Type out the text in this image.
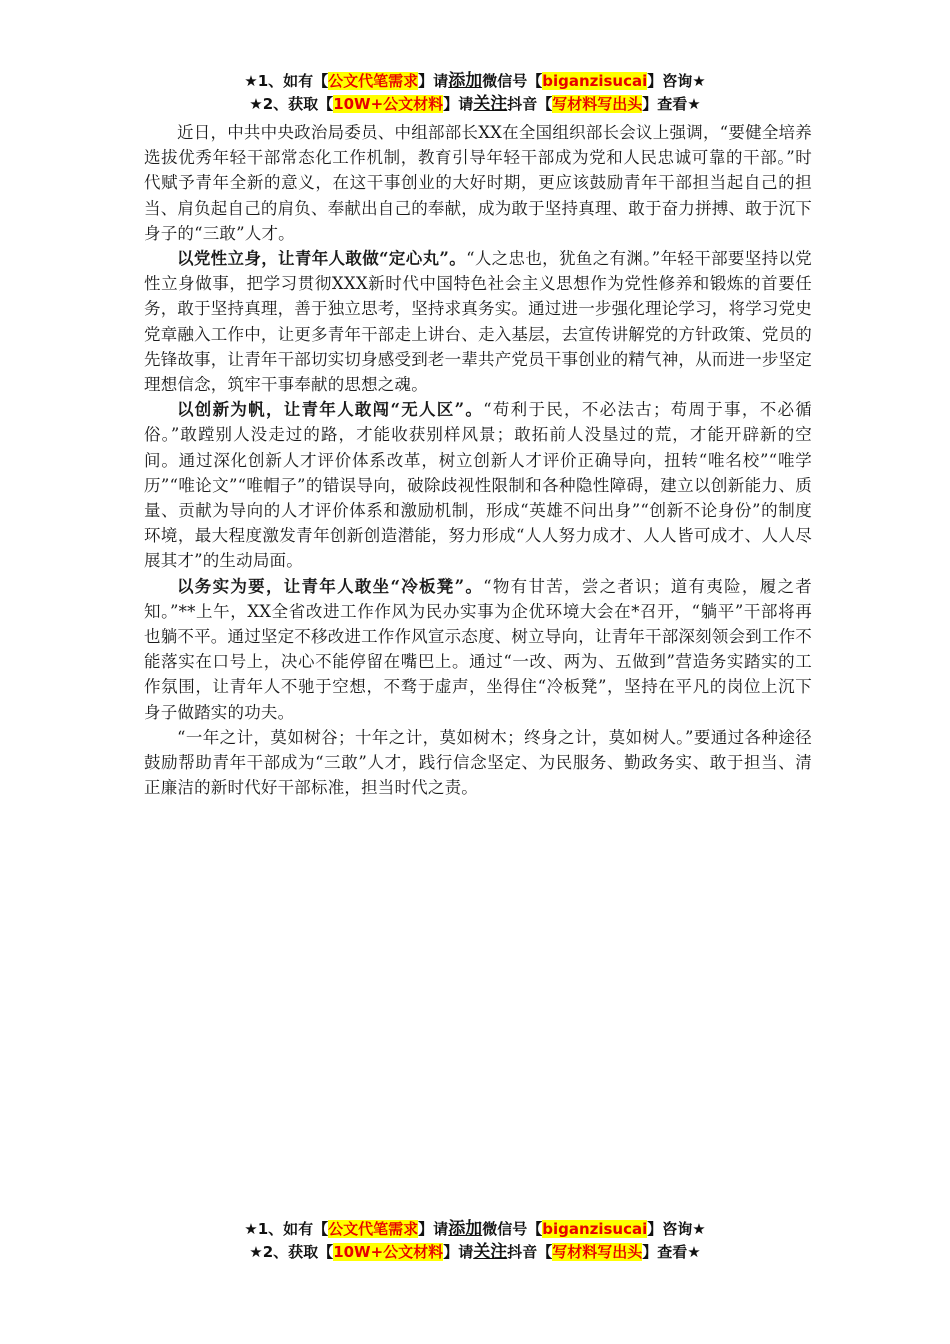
★1、如有【公文代笔需求】请添加微信号【biganzisucai】咨询★
★2、获取【10W+公文材料】请关注抖音【写材料写出头】查看★

近日，中共中央政治局委员、中组部部长XX在全国组织部长会议上强调，“要健全培养选拔优秀年轻干部常态化工作机制，教育引导年轻干部成为党和人民忠诚可靠的干部。”时代赋予青年全新的意义，在这干事创业的大好时期，更应该鼓励青年干部担当起自己的担当、肩负起自己的肩负、奉献出自己的奉献，成为敢于坚持真理、敢于奋力拼搏、敢于沉下身子的“三敢”人才。

以党性立身，让青年人敢做“定心丸”。“人之忠也，犹鱼之有渊。”年轻干部要坚持以党性立身做事，把学习贯彻XXX新时代中国特色社会主义思想作为党性修养和锻炼的首要任务，敢于坚持真理，善于独立思考，坚持求真务实。通过进一步强化理论学习，将学习党史党章融入工作中，让更多青年干部走上讲台、走入基层，去宣传讲解党的方针政策、党员的先锋故事，让青年干部切实切身感受到老一辈共产党员干事创业的精气神，从而进一步坚定理想信念，筑牢干事奉献的思想之魂。

以创新为帆，让青年人敢闯“无人区”。“苟利于民，不必法古；苟周于事，不必循俗。”敢蹚别人没走过的路，才能收获别样风景；敢拓前人没垦过的荒，才能开辟新的空间。通过深化创新人才评价体系改革，树立创新人才评价正确导向，扭转“唯名校”“唯学历”“唯论文”“唯帽子”的错误导向，破除歧视性限制和各种隐性障碍，建立以创新能力、质量、贡献为导向的人才评价体系和激励机制，形成“英雄不问出身”“创新不论身份”的制度环境，最大程度激发青年创新创造潜能，努力形成“人人努力成才、人人皆可成才、人人尽展其才”的生动局面。

以务实为要，让青年人敢坐“冷板凳”。“物有甘苦，尝之者识；道有夷险，履之者知。”**上午，XX全省改进工作作风为民办实事为企优环境大会在*召开，“躺平”干部将再也躺不平。通过坚定不移改进工作作风宣示态度、树立导向，让青年干部深刻领会到工作不能落实在口号上，决心不能停留在嘴巴上。通过“一改、两为、五做到”营造务实踏实的工作氛围，让青年人不驰于空想，不骛于虚声，坐得住“冷板凳”，坚持在平凡的岗位上沉下身子做踏实的功夫。

“一年之计，莫如树谷；十年之计，莫如树木；终身之计，莫如树人。”要通过各种途径鼓励帮助青年干部成为“三敢”人才，践行信念坚定、为民服务、勤政务实、敢于担当、清正廉洁的新时代好干部标准，担当时代之责。

★1、如有【公文代笔需求】请添加微信号【biganzisucai】咨询★
★2、获取【10W+公文材料】请关注抖音【写材料写出头】查看★
